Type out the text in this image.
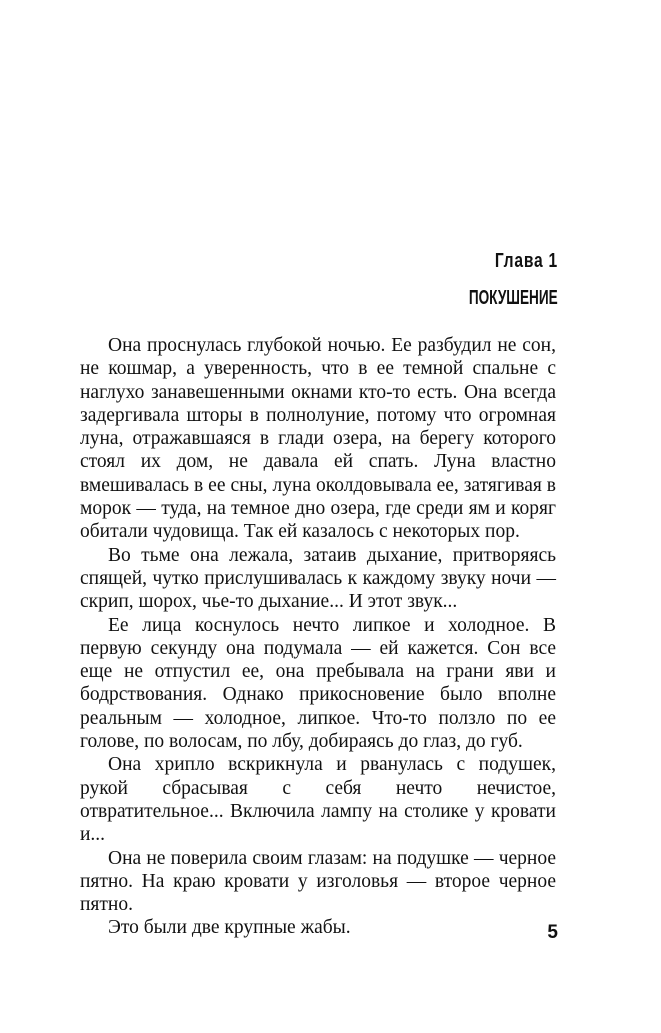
Глава 1
ПОКУШЕНИЕ

Она проснулась глубокой ночью. Ее разбудил не сон, не кошмар, а уверенность, что в ее темной спальне с наглухо занавешенными окнами кто-то есть. Она всегда задергивала шторы в полнолуние, потому что огромная луна, отражавшаяся в глади озера, на берегу которого стоял их дом, не давала ей спать. Луна властно вмешивалась в ее сны, луна околдовывала ее, затягивая в морок — туда, на темное дно озера, где среди ям и коряг обитали чудовища. Так ей казалось с некоторых пор.

Во тьме она лежала, затаив дыхание, притворяясь спящей, чутко прислушивалась к каждому звуку ночи — скрип, шорох, чье-то дыхание... И этот звук...

Ее лица коснулось нечто липкое и холодное. В первую секунду она подумала — ей кажется. Сон все еще не отпустил ее, она пребывала на грани яви и бодрствования. Однако прикосновение было вполне реальным — холодное, липкое. Что-то ползло по ее голове, по волосам, по лбу, добираясь до глаз, до губ.

Она хрипло вскрикнула и рванулась с подушек, рукой сбрасывая с себя нечто нечистое, отвратительное... Включила лампу на столике у кровати и...

Она не поверила своим глазам: на подушке — черное пятно. На краю кровати у изголовья — второе черное пятно.

Это были две крупные жабы.	5
